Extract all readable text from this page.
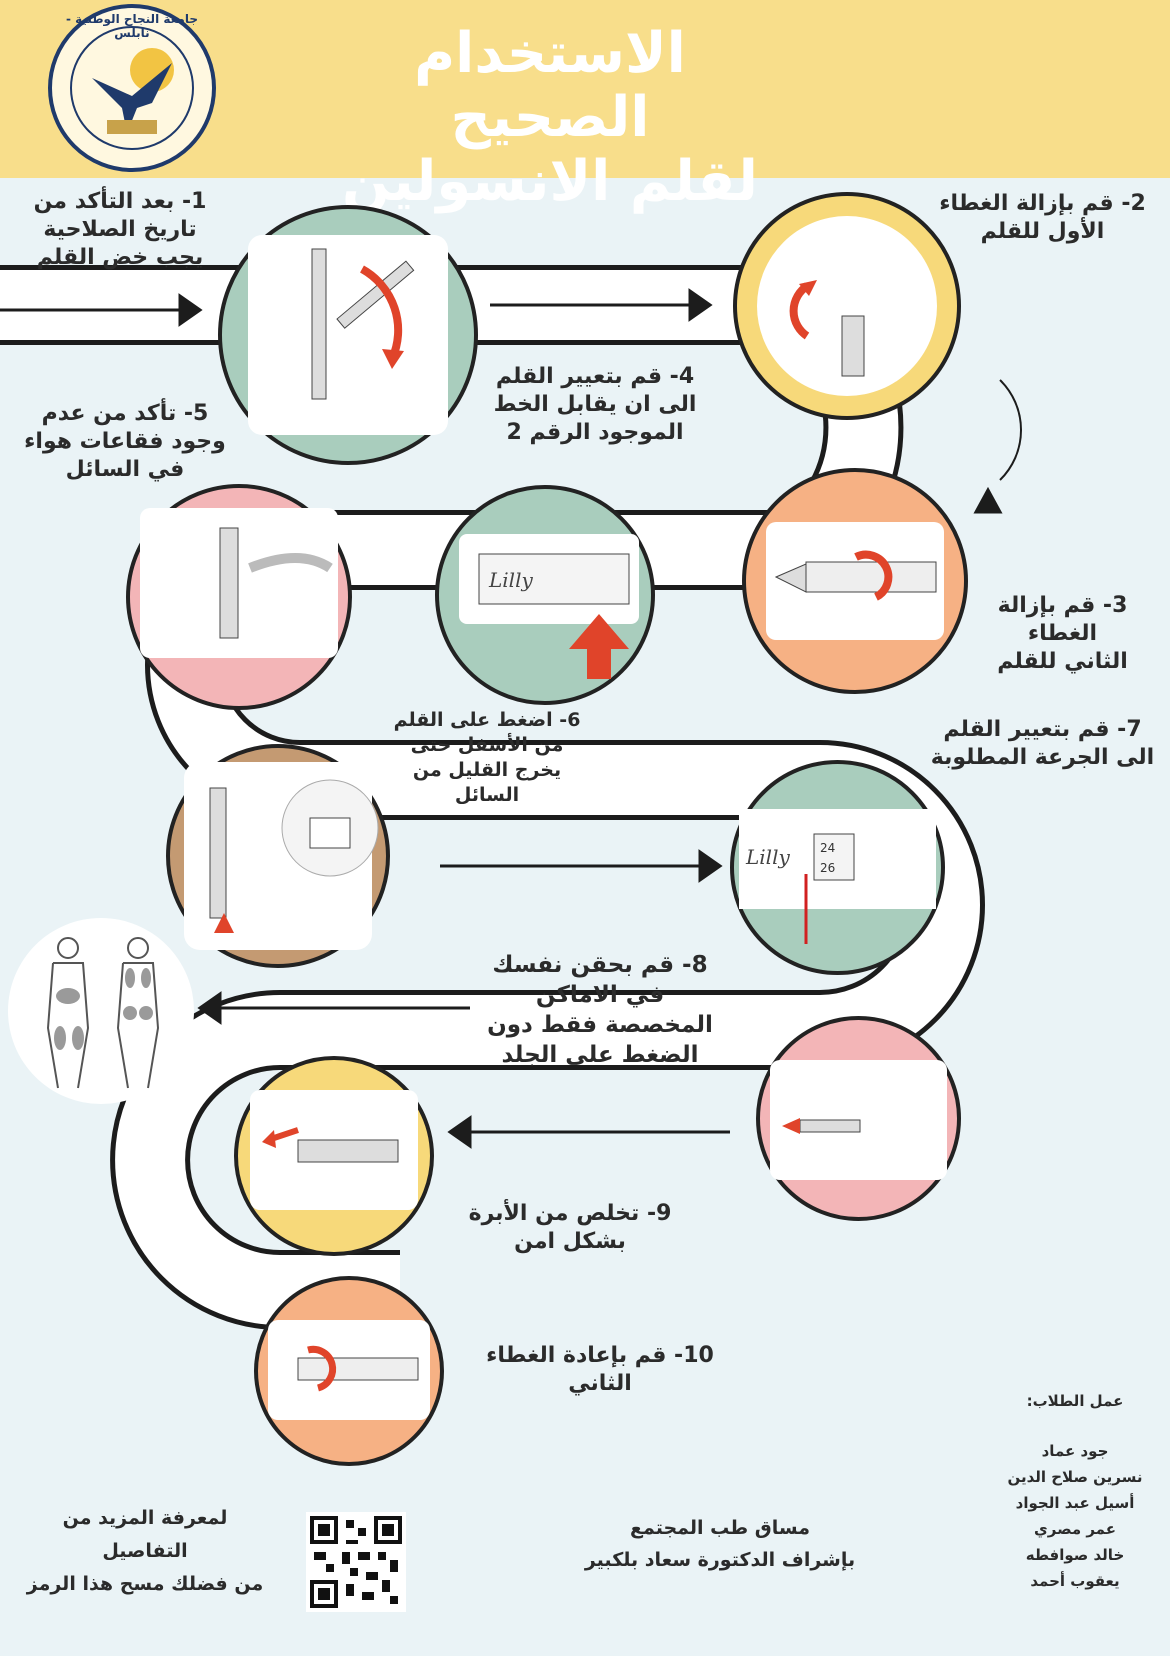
جامعة النجاح الوطنية - نابلس	الاستخدام الصحيح
لقلم الانسولين
Lilly
Lilly	24
26
1- بعد التأكد من
تاريخ الصلاحية
يجب خض القلم
2- قم بإزالة الغطاء
الأول للقلم
4- قم بتعيير القلم
الى ان يقابل الخط
الموجود الرقم 2
5- تأكد من عدم
وجود فقاعات هواء
في السائل
3- قم بإزالة الغطاء
الثاني للقلم
6- اضغط على القلم
من الأسفل حتى
يخرج القليل من
السائل
7- قم بتعيير القلم
الى الجرعة المطلوبة
8- قم بحقن نفسك
في الاماكن
المخصصة فقط دون
الضغط على الجلد
9- تخلص من الأبرة
بشكل امن
10- قم بإعادة الغطاء
الثاني
عمل الطلاب:
جود عماد
نسرين صلاح الدين
أسيل عبد الجواد
عمر مصري
خالد صوافطه
يعقوب أحمد
مساق طب المجتمع
بإشراف الدكتورة سعاد بلكبير
لمعرفة المزيد من
التفاصيل
من فضلك مسح هذا الرمز
